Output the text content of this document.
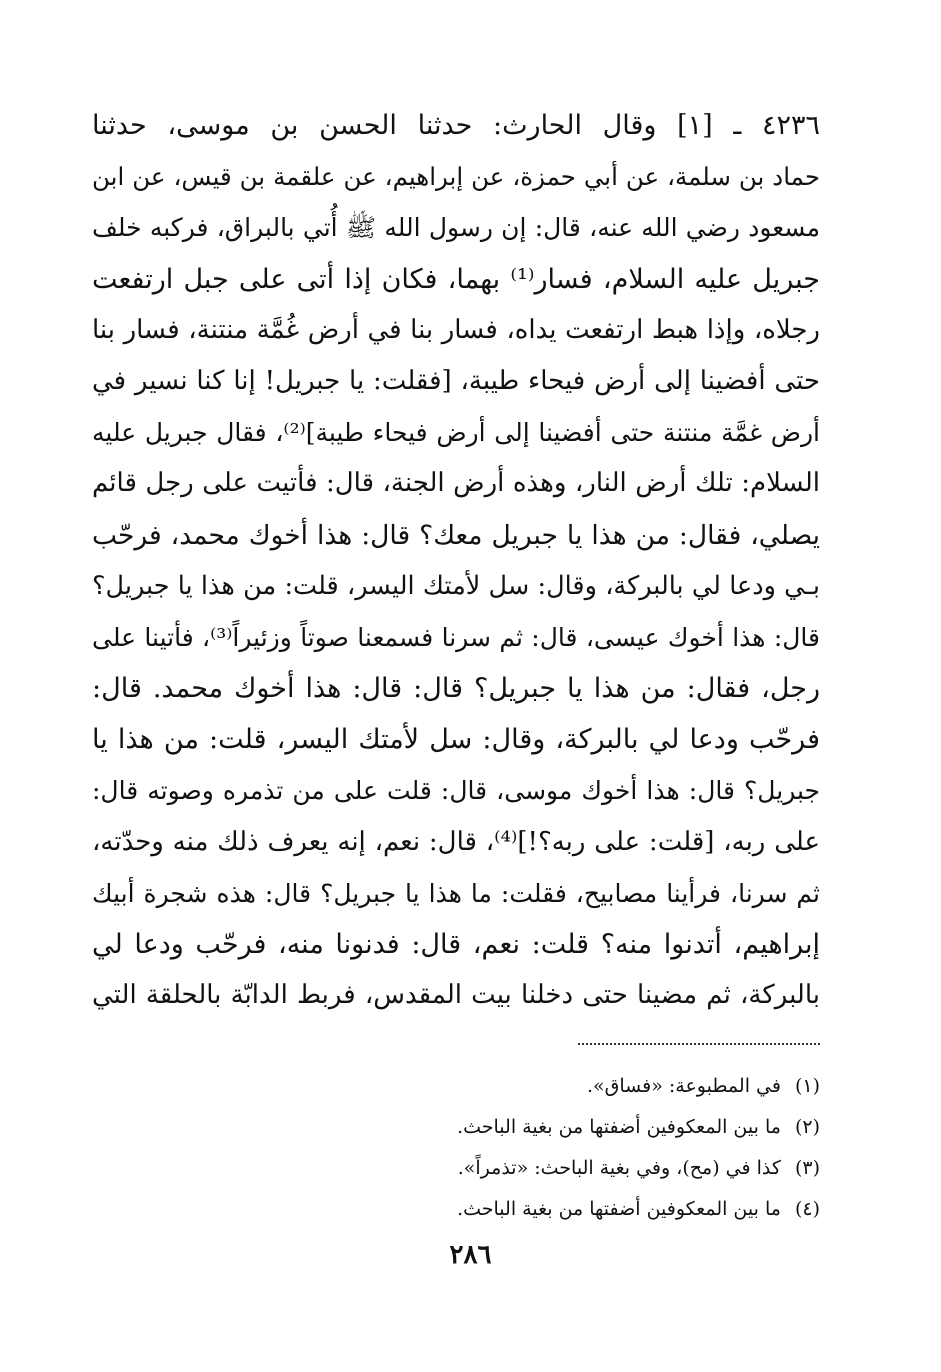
٤٢٣٦ ـ [١] وقال الحارث: حدثنا الحسن بن موسى، حدثنا
حماد بن سلمة، عن أبي حمزة، عن إبراهيم، عن علقمة بن قيس، عن ابن
مسعود رضي الله عنه، قال: إن رسول الله ﷺ أُتي بالبراق، فركبه خلف
جبريل عليه السلام، فسار⁽¹⁾ بهما، فكان إذا أتى على جبل ارتفعت
رجلاه، وإذا هبط ارتفعت يداه، فسار بنا في أرض غُمَّة منتنة، فسار بنا
حتى أفضينا إلى أرض فيحاء طيبة، [فقلت: يا جبريل! إنا كنا نسير في
أرض غمَّة منتنة حتى أفضينا إلى أرض فيحاء طيبة]⁽²⁾، فقال جبريل عليه
السلام: تلك أرض النار، وهذه أرض الجنة، قال: فأتيت على رجل قائم
يصلي، فقال: من هذا يا جبريل معك؟ قال: هذا أخوك محمد، فرحّب
بـي ودعا لي بالبركة، وقال: سل لأمتك اليسر، قلت: من هذا يا جبريل؟
قال: هذا أخوك عيسى، قال: ثم سرنا فسمعنا صوتاً وزئيراً⁽³⁾، فأتينا على
رجل، فقال: من هذا يا جبريل؟ قال: قال: هذا أخوك محمد. قال:
فرحّب ودعا لي بالبركة، وقال: سل لأمتك اليسر، قلت: من هذا يا
جبريل؟ قال: هذا أخوك موسى، قال: قلت على من تذمره وصوته قال:
على ربه، [قلت: على ربه؟!]⁽⁴⁾، قال: نعم، إنه يعرف ذلك منه وحدّته،
ثم سرنا، فرأينا مصابيح، فقلت: ما هذا يا جبريل؟ قال: هذه شجرة أبيك
إبراهيم، أتدنوا منه؟ قلت: نعم، قال: فدنونا منه، فرحّب ودعا لي
بالبركة، ثم مضينا حتى دخلنا بيت المقدس، فربط الدابّة بالحلقة التي
(١)في المطبوعة: «فساق».
(٢)ما بين المعكوفين أضفتها من بغية الباحث.
(٣)كذا في (مح)، وفي بغية الباحث: «تذمراً».
(٤)ما بين المعكوفين أضفتها من بغية الباحث.
٢٨٦
